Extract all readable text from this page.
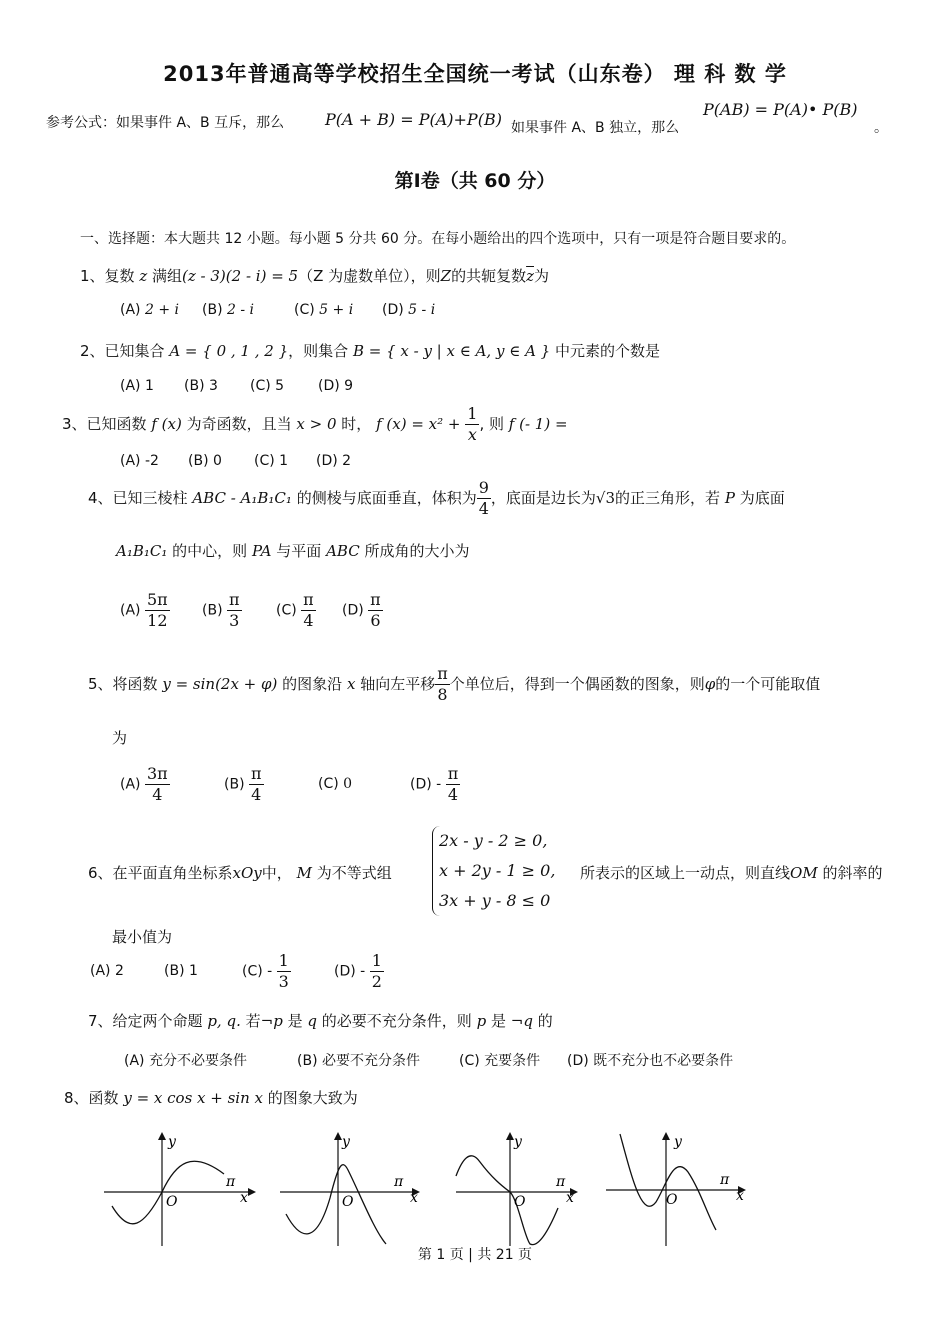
2013年普通高等学校招生全国统一考试（山东卷） 理 科 数 学
参考公式：如果事件 A、B 互斥，那么	P(A + B) = P(A)+P(B) 如果事件 A、B 独立，那么
P(AB) = P(A)• P(B)
。
第Ⅰ卷（共 60 分）
一、选择题：本大题共 12 小题。每小题 5 分共 60 分。在每小题给出的四个选项中，只有一项是符合题目要求的。
1、复数 z 满组(z - 3)(2 - i) = 5（Z 为虚数单位），则Z的共轭复数$\overline{z}$为
(A) 2 + i (B) 2 - i	(C) 5 + i (D) 5 - i
2、已知集合 A = { 0 , 1 , 2 }，则集合 B = { x - y | x ∈ A, y ∈ A } 中元素的个数是
(A) 1 (B) 3 (C) 5 (D) 9
3、已知函数 f (x) 为奇函数，且当 x > 0 时， f $(x) = x^2 + \frac{1}{x}$ , 则 f (- 1) =
(A) -2 (B) 0 (C) 1 (D) 2
4、已知三棱柱 ABC - A₁B₁C₁ 的侧棱与底面垂直，体积为 $\frac{9}{4}$ ，底面是边长为√3的正三角形，若 P 为底面
A₁B₁C₁ 的中心，则 PA 与平面 ABC 所成角的大小为
$(A) \frac{5\pi}{12} (B) \frac{\pi}{3} (C) \frac{\pi}{4} (D) \frac{\pi}{6}$
5、将函数 y = sin(2x + φ) 的图象沿 x 轴向左平移 $\frac{\pi}{8}$ 个单位后，得到一个偶函数的图象，则φ的一个可能取值
为
$(A) \frac{3\pi}{4}$	$(B) \frac{\pi}{4}$	(C) 0	$(D) - \frac{\pi}{4}$
6、在平面直角坐标系xOy中， M 为不等式组
2x - y - 2 ≥ 0,
x + 2y - 1 ≥ 0,
3x + y - 8 ≤ 0
所表示的区域上一动点，则直线OM 的斜率的
最小值为
(A) 2	(B) 1	$(C) - \frac{1}{3}$	$(D) - \frac{1}{2}$
7、给定两个命题 p, q. 若¬p 是 q 的必要不充分条件，则 p 是 ¬q 的
(A) 充分不必要条件	(B) 必要不充分条件	(C) 充要条件 (D) 既不充分也不必要条件
8、函数 y = x cos x + sin x 的图象大致为
y
x
O
π
y
x
O
π
y
x
O
π
y
x
O
π
第 1 页 | 共 21 页
